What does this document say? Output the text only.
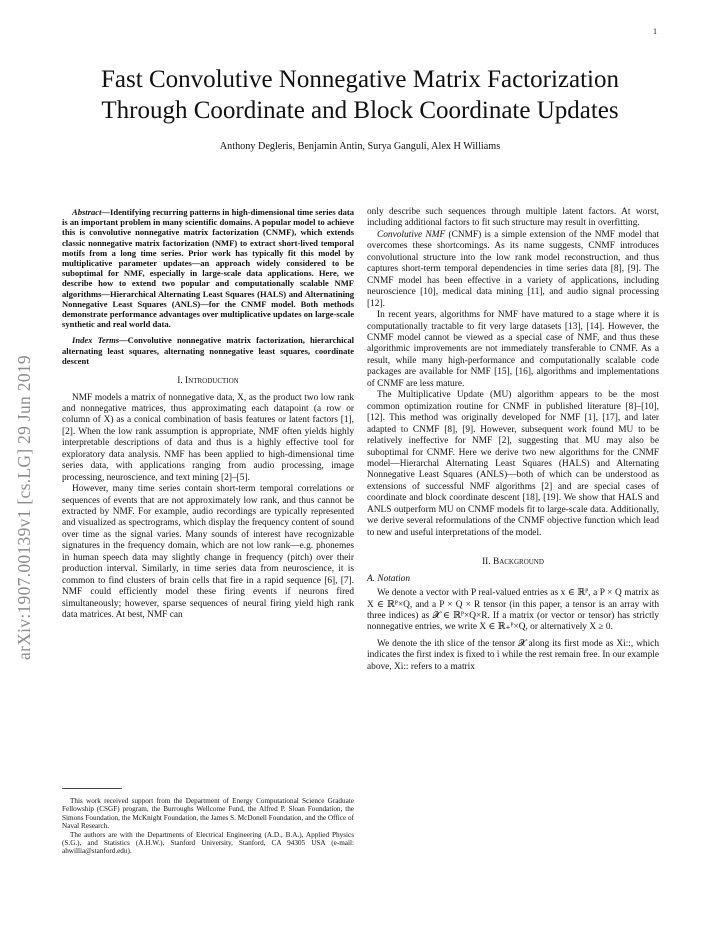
1
arXiv:1907.00139v1 [cs.LG] 29 Jun 2019
Fast Convolutive Nonnegative Matrix Factorization
Through Coordinate and Block Coordinate Updates

Anthony Degleris, Benjamin Antin, Surya Ganguli, Alex H Williams

Abstract—Identifying recurring patterns in high-dimensional time series data is an important problem in many scientific domains. A popular model to achieve this is convolutive nonnegative matrix factorization (CNMF), which extends classic nonnegative matrix factorization (NMF) to extract short-lived temporal motifs from a long time series. Prior work has typically fit this model by multiplicative parameter updates—an approach widely considered to be suboptimal for NMF, especially in large-scale data applications. Here, we describe how to extend two popular and computationally scalable NMF algorithms—Hierarchical Alternating Least Squares (HALS) and Alternatining Nonnegative Least Squares (ANLS)—for the CNMF model. Both methods demonstrate performance advantages over multiplicative updates on large-scale synthetic and real world data.

Index Terms—Convolutive nonnegative matrix factorization, hierarchical alternating least squares, alternating nonnegative least squares, coordinate descent

I. Introduction

NMF models a matrix of nonnegative data, X, as the product two low rank and nonnegative matrices, thus approximating each datapoint (a row or column of X) as a conical combination of basis features or latent factors [1], [2]. When the low rank assumption is appropriate, NMF often yields highly interpretable descriptions of data and thus is a highly effective tool for exploratory data analysis. NMF has been applied to high-dimensional time series data, with applications ranging from audio processing, image processing, neuroscience, and text mining [2]–[5].

However, many time series contain short-term temporal correlations or sequences of events that are not approximately low rank, and thus cannot be extracted by NMF. For example, audio recordings are typically represented and visualized as spectrograms, which display the frequency content of sound over time as the signal varies. Many sounds of interest have recognizable signatures in the frequency domain, which are not low rank—e.g. phonemes in human speech data may slightly change in frequency (pitch) over their production interval. Similarly, in time series data from neuroscience, it is common to find clusters of brain cells that fire in a rapid sequence [6], [7]. NMF could efficiently model these firing events if neurons fired simultaneously; however, sparse sequences of neural firing yield high rank data matrices. At best, NMF can

only describe such sequences through multiple latent factors. At worst, including additional factors to fit such structure may result in overfitting.

Convolutive NMF (CNMF) is a simple extension of the NMF model that overcomes these shortcomings. As its name suggests, CNMF introduces convolutional structure into the low rank model reconstruction, and thus captures short-term temporal dependencies in time series data [8], [9]. The CNMF model has been effective in a variety of applications, including neuroscience [10], medical data mining [11], and audio signal processing [12].

In recent years, algorithms for NMF have matured to a stage where it is computationally tractable to fit very large datasets [13], [14]. However, the CNMF model cannot be viewed as a special case of NMF, and thus these algorithmic improvements are not immediately transferable to CNMF. As a result, while many high-performance and computationally scalable code packages are available for NMF [15], [16], algorithms and implementations of CNMF are less mature.

The Multiplicative Update (MU) algorithm appears to be the most common optimization routine for CNMF in published literature [8]–[10], [12]. This method was originally developed for NMF [1], [17], and later adapted to CNMF [8], [9]. However, subsequent work found MU to be relatively ineffective for NMF [2], suggesting that MU may also be suboptimal for CNMF. Here we derive two new algorithms for the CNMF model—Hierarchal Alternating Least Squares (HALS) and Alternating Nonnegative Least Squares (ANLS)—both of which can be understood as extensions of successful NMF algorithms [2] and are special cases of coordinate and block coordinate descent [18], [19]. We show that HALS and ANLS outperform MU on CNMF models fit to large-scale data. Additionally, we derive several reformulations of the CNMF objective function which lead to new and useful interpretations of the model.

II. Background
A. Notation

We denote a vector with P real-valued entries as x ∈ ℝᴾ, a P × Q matrix as X ∈ ℝᴾ×Q, and a P × Q × R tensor (in this paper, a tensor is an array with three indices) as 𝓧 ∈ ℝᴾ×Q×R. If a matrix (or vector or tensor) has strictly nonnegative entries, we write X ∈ ℝ₊ᴾ×Q, or alternatively X ≥ 0.

We denote the ith slice of the tensor 𝓧 along its first mode as Xi::, which indicates the first index is fixed to i while the rest remain free. In our example above, Xi:: refers to a matrix

This work received support from the Department of Energy Computational Science Graduate Fellowship (CSGF) program, the Burroughs Wellcome Fund, the Alfred P. Sloan Foundation, the Simons Foundation, the McKnight Foundation, the James S. McDonell Foundation, and the Office of Naval Research.

The authors are with the Departments of Electrical Engineering (A.D., B.A.), Applied Physics (S.G.), and Statistics (A.H.W.), Stanford University, Stanford, CA 94305 USA (e-mail: ahwillia@stanford.edu).
